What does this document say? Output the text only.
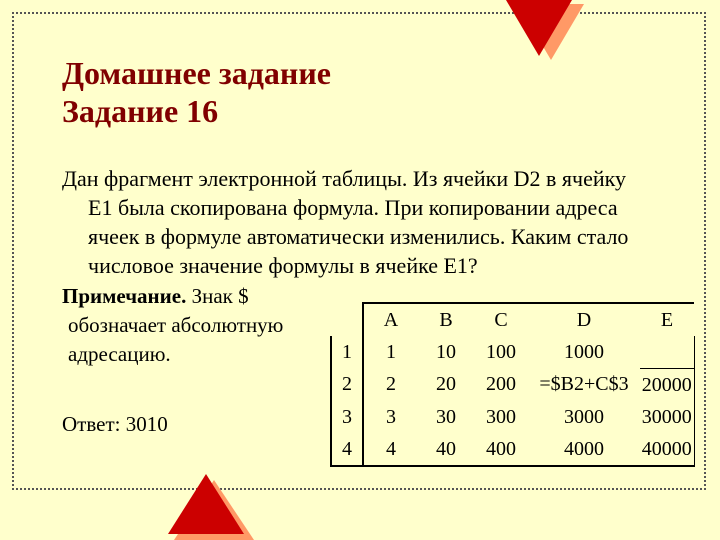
Домашнее задание
Задание 16

Дан фрагмент электронной таблицы. Из ячейки D2 в ячейку
E1 была скопирована формула. При копировании адреса
ячеек в формуле автоматически изменились. Каким стало
числовое значение формулы в ячейке E1?

Примечание. Знак $
обозначает абсолютную
адресацию.

Ответ: 3010
	A	B	C	D	E
1	1	10	100	1000	
2	2	20	200	=$B2+C$3	20000
3	3	30	300	3000	30000
4	4	40	400	4000	40000
